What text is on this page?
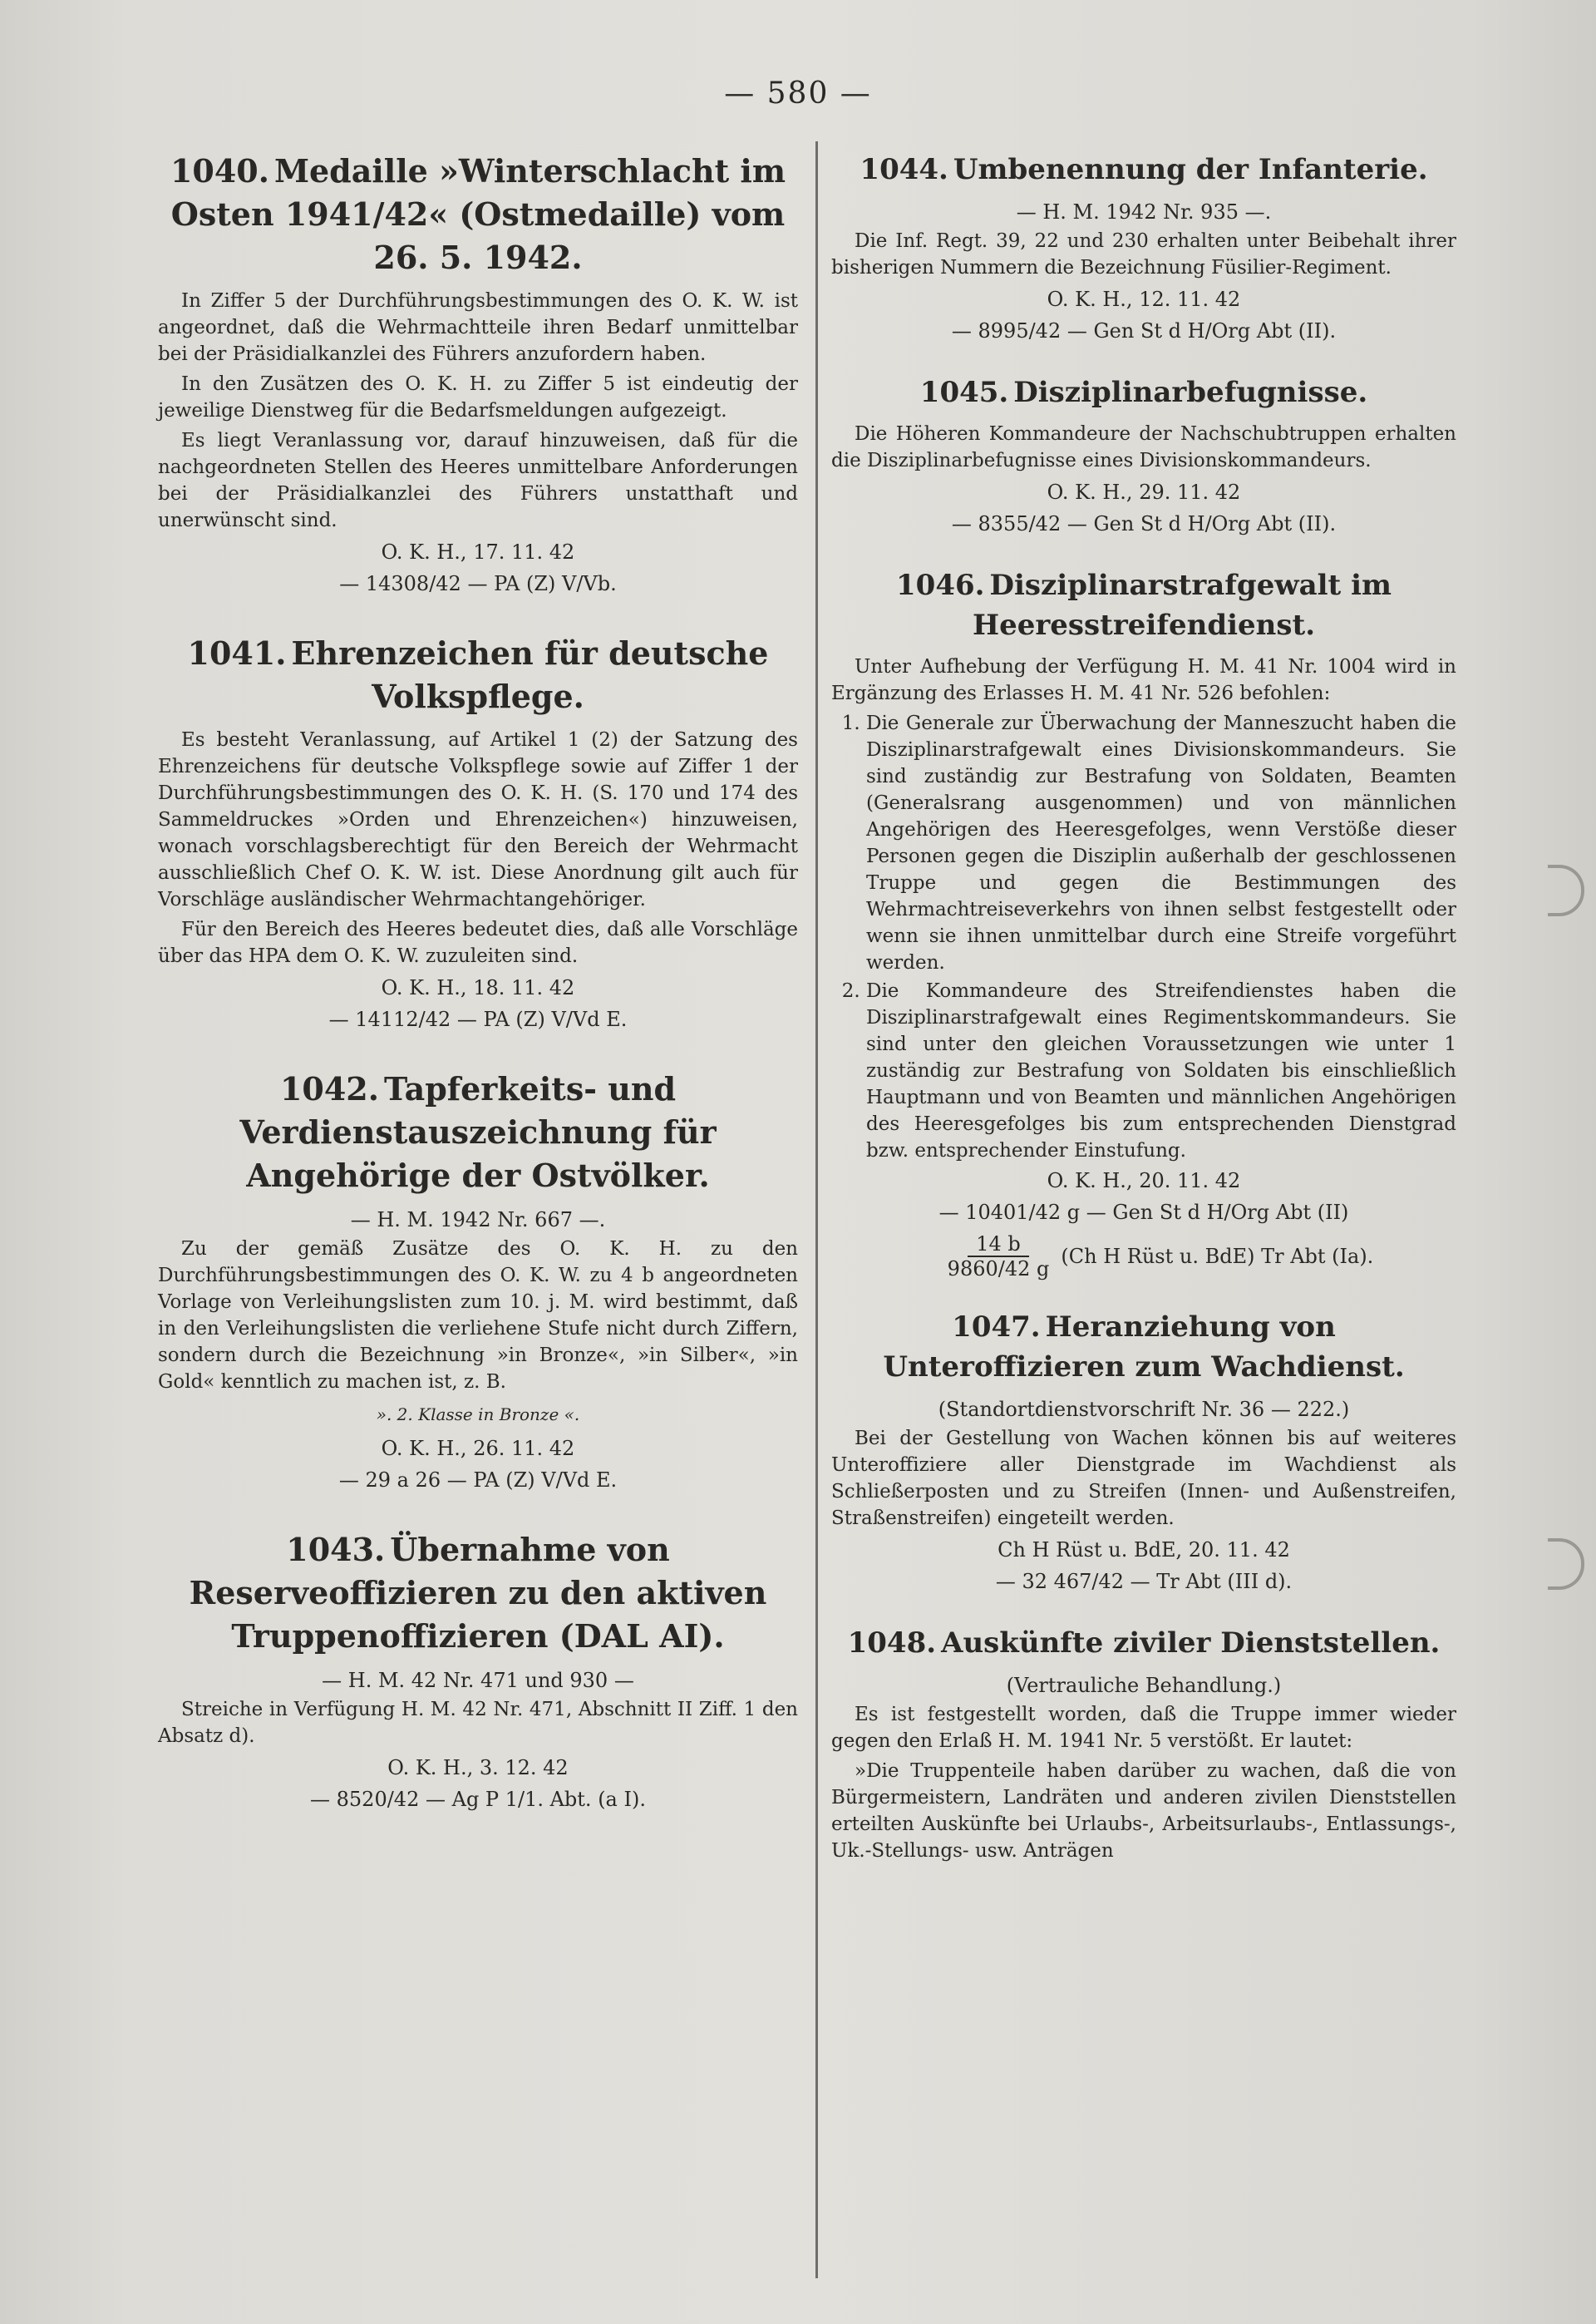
— 580 —
1040. Medaille »Winterschlacht im Osten 1941/42« (Ostmedaille) vom 26. 5. 1942.

In Ziffer 5 der Durchführungsbestimmungen des O. K. W. ist angeordnet, daß die Wehrmachtteile ihren Bedarf unmittelbar bei der Präsidialkanzlei des Führers anzufordern haben.

In den Zusätzen des O. K. H. zu Ziffer 5 ist eindeutig der jeweilige Dienstweg für die Bedarfsmeldungen aufgezeigt.

Es liegt Veranlassung vor, darauf hinzuweisen, daß für die nachgeordneten Stellen des Heeres unmittelbare Anforderungen bei der Präsidialkanzlei des Führers unstatthaft und unerwünscht sind.

O. K. H., 17. 11. 42
— 14308/42 — PA (Z) V/Vb.
1041. Ehrenzeichen für deutsche Volkspflege.

Es besteht Veranlassung, auf Artikel 1 (2) der Satzung des Ehrenzeichens für deutsche Volkspflege sowie auf Ziffer 1 der Durchführungsbestimmungen des O. K. H. (S. 170 und 174 des Sammeldruckes »Orden und Ehrenzeichen«) hinzuweisen, wonach vorschlagsberechtigt für den Bereich der Wehrmacht ausschließlich Chef O. K. W. ist. Diese Anordnung gilt auch für Vorschläge ausländischer Wehrmachtangehöriger.

Für den Bereich des Heeres bedeutet dies, daß alle Vorschläge über das HPA dem O. K. W. zuzuleiten sind.

O. K. H., 18. 11. 42
— 14112/42 — PA (Z) V/Vd E.
1042. Tapferkeits- und Verdienstauszeichnung für Angehörige der Ostvölker.
— H. M. 1942 Nr. 667 —.

Zu der gemäß Zusätze des O. K. H. zu den Durchführungsbestimmungen des O. K. W. zu 4 b angeordneten Vorlage von Verleihungslisten zum 10. j. M. wird bestimmt, daß in den Verleihungslisten die verliehene Stufe nicht durch Ziffern, sondern durch die Bezeichnung »in Bronze«, »in Silber«, »in Gold« kenntlich zu machen ist, z. B.

». 2. Klasse in Bronze «.
O. K. H., 26. 11. 42
— 29 a 26 — PA (Z) V/Vd E.
1043. Übernahme von Reserveoffizieren zu den aktiven Truppenoffizieren (DAL AI).
— H. M. 42 Nr. 471 und 930 —

Streiche in Verfügung H. M. 42 Nr. 471, Abschnitt II Ziff. 1 den Absatz d).

O. K. H., 3. 12. 42
— 8520/42 — Ag P 1/1. Abt. (a I).
1044. Umbenennung der Infanterie.
— H. M. 1942 Nr. 935 —.

Die Inf. Regt. 39, 22 und 230 erhalten unter Beibehalt ihrer bisherigen Nummern die Bezeichnung Füsilier-Regiment.

O. K. H., 12. 11. 42
— 8995/42 — Gen St d H/Org Abt (II).
1045. Disziplinarbefugnisse.

Die Höheren Kommandeure der Nachschubtruppen erhalten die Disziplinarbefugnisse eines Divisionskommandeurs.

O. K. H., 29. 11. 42
— 8355/42 — Gen St d H/Org Abt (II).
1046. Disziplinarstrafgewalt im Heeresstreifendienst.

Unter Aufhebung der Verfügung H. M. 41 Nr. 1004 wird in Ergänzung des Erlasses H. M. 41 Nr. 526 befohlen:

1. Die Generale zur Überwachung der Manneszucht haben die Disziplinarstrafgewalt eines Divisionskommandeurs. Sie sind zuständig zur Bestrafung von Soldaten, Beamten (Generalsrang ausgenommen) und von männlichen Angehörigen des Heeresgefolges, wenn Verstöße dieser Personen gegen die Disziplin außerhalb der geschlossenen Truppe und gegen die Bestimmungen des Wehrmachtreiseverkehrs von ihnen selbst festgestellt oder wenn sie ihnen unmittelbar durch eine Streife vorgeführt werden.
2. Die Kommandeure des Streifendienstes haben die Disziplinarstrafgewalt eines Regimentskommandeurs. Sie sind unter den gleichen Voraussetzungen wie unter 1 zuständig zur Bestrafung von Soldaten bis einschließlich Hauptmann und von Beamten und männlichen Angehörigen des Heeresgefolges bis zum entsprechenden Dienstgrad bzw. entsprechender Einstufung.
O. K. H., 20. 11. 42
— 10401/42 g — Gen St d H/Org Abt (II)
14 b
9860/42 g
(Ch H Rüst u. BdE) Tr Abt (Ia).
1047. Heranziehung von Unteroffizieren zum Wachdienst.
(Standortdienstvorschrift Nr. 36 — 222.)

Bei der Gestellung von Wachen können bis auf weiteres Unteroffiziere aller Dienstgrade im Wachdienst als Schließerposten und zu Streifen (Innen- und Außenstreifen, Straßenstreifen) eingeteilt werden.

Ch H Rüst u. BdE, 20. 11. 42
— 32 467/42 — Tr Abt (III d).
1048. Auskünfte ziviler Dienststellen.
(Vertrauliche Behandlung.)

Es ist festgestellt worden, daß die Truppe immer wieder gegen den Erlaß H. M. 1941 Nr. 5 verstößt. Er lautet:

»Die Truppenteile haben darüber zu wachen, daß die von Bürgermeistern, Landräten und anderen zivilen Dienststellen erteilten Auskünfte bei Urlaubs-, Arbeitsurlaubs-, Entlassungs-, Uk.-Stellungs- usw. Anträgen
